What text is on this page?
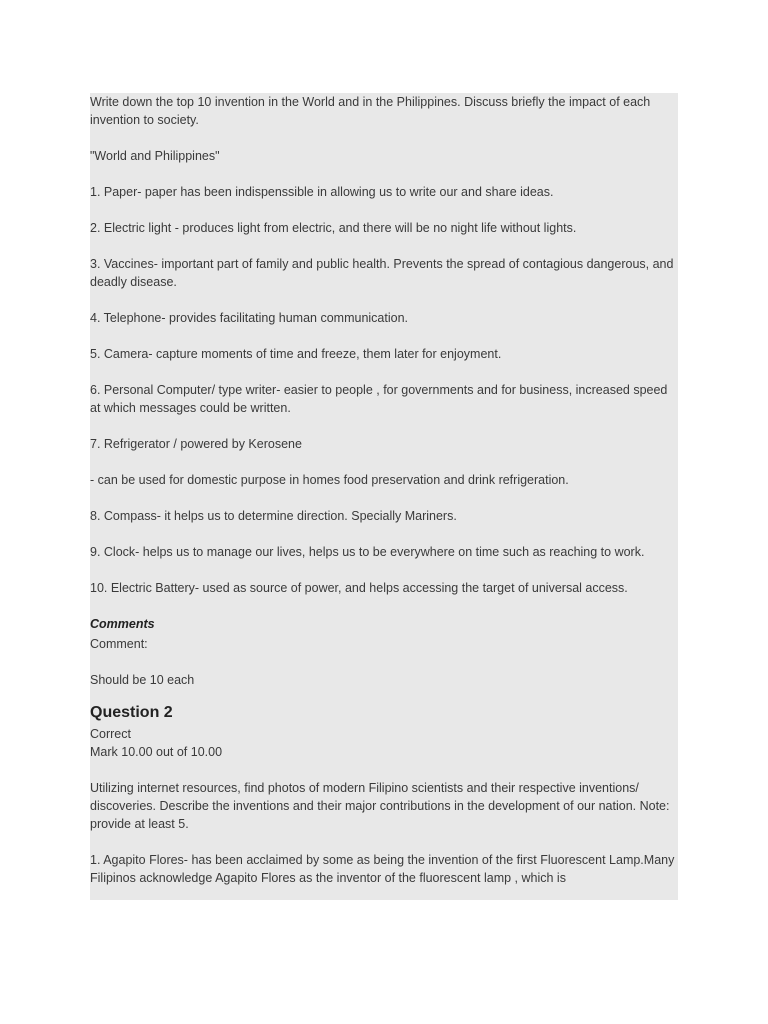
Write down the top 10 invention in the World and in the Philippines. Discuss briefly the impact of each invention to society.

"World and Philippines"

1. Paper- paper has been indispenssible in allowing us to write our and share ideas.

2. Electric light - produces light from electric, and there will be no night life without lights.

3. Vaccines- important part of family and public health. Prevents the spread of contagious dangerous, and deadly disease.

4. Telephone- provides facilitating human communication.

5. Camera- capture moments of time and freeze, them later for enjoyment.

6. Personal Computer/ type writer- easier to people , for governments and for business, increased speed at which messages could be written.

7. Refrigerator / powered by Kerosene

- can be used for domestic purpose in homes food preservation and drink refrigeration.

8. Compass- it helps us to determine direction. Specially Mariners.

9. Clock- helps us to manage our lives, helps us to be everywhere on time such as reaching to work.

10. Electric Battery- used as source of power, and helps accessing the target of universal access.

Comments

Comment:

Should be 10 each

Question 2

Correct

Mark 10.00 out of 10.00

Utilizing internet resources, find photos of modern Filipino scientists and their respective inventions/ discoveries. Describe the inventions and their major contributions in the development of our nation. Note: provide at least 5.

1. Agapito Flores- has been acclaimed by some as being the invention of the first Fluorescent Lamp.Many Filipinos acknowledge Agapito Flores as the inventor of the fluorescent lamp , which is
